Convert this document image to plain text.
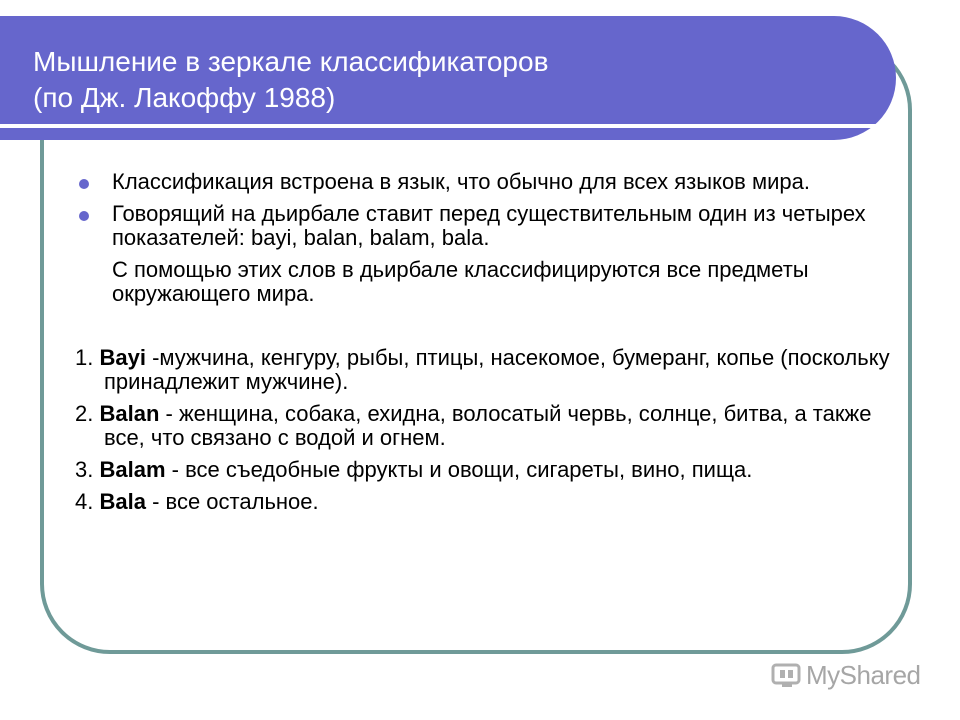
Мышление в зеркале классификаторов
(по Дж. Лакоффу 1988)
Классификация встроена в язык, что обычно для всех языков мира.
Говорящий на дьирбале ставит перед существительным один из четырех показателей: bayi, balan, balam, bala.
С помощью этих слов в дьирбале классифицируются все предметы окружающего мира.
1. Bayi -мужчина, кенгуру, рыбы, птицы, насекомое, бумеранг, копье (поскольку принадлежит мужчине).
2. Balan - женщина, собака, ехидна, волосатый червь, солнце, битва, а также все, что связано с водой и огнем.
3. Balam - все съедобные фрукты и овощи, сигареты, вино, пища.
4. Bala - все остальное.
MyShared
